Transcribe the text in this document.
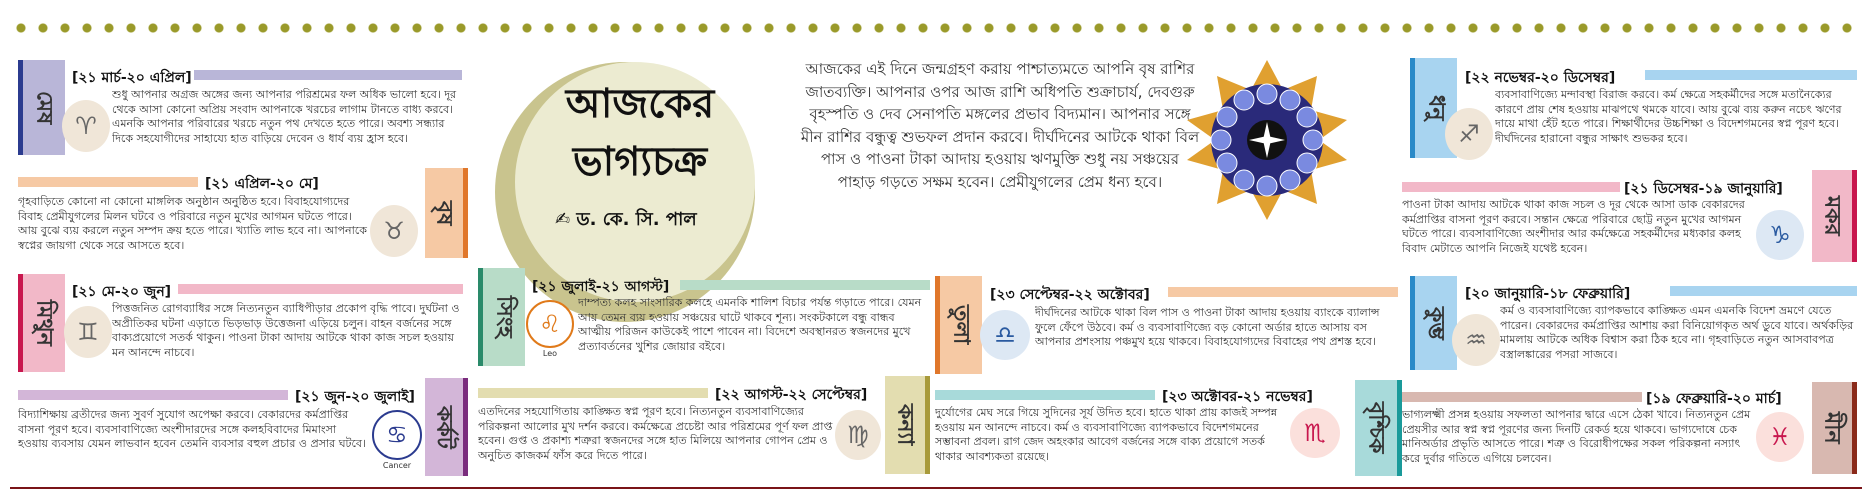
আজকের ভাগ্যচক্র
✍ ড. কে. সি. পাল
আজকের এই দিনে জন্মগ্রহণ করায় পাশ্চাত্যমতে আপনি বৃষ রাশির জাতব্যক্তি। আপনার ওপর আজ রাশি অধিপতি শুক্রাচার্য, দেবগুরু বৃহস্পতি ও দেব সেনাপতি মঙ্গলের প্রভাব বিদ্যমান। আপনার সঙ্গে মীন রাশির বন্ধুত্ব শুভফল প্রদান করবে। দীর্ঘদিনের আটকে থাকা বিল পাস ও পাওনা টাকা আদায় হওয়ায় ঋণমুক্তি শুধু নয় সঞ্চয়ের পাহাড় গড়তে সক্ষম হবেন। প্রেমীযুগলের প্রেম ধন্য হবে।
মেষ
[২১ মার্চ-২০ এপ্রিল]
♈
শুধু আপনার অগ্রজ অঙ্গের জন্য আপনার পরিশ্রমের ফল অধিক ভালো হবে। দূর থেকে আসা কোনো অপ্রিয় সংবাদ আপনাকে খরচের লাগাম টানতে বাধ্য করবে। এমনকি আপনার পরিবারের খরচে নতুন পথ দেখতে হতে পারে। অবশ্য সন্ধ্যার দিকে সহযোগীদের সাহায্যে হাত বাড়িয়ে দেবেন ও ধার্য ব্যয় হ্রাস হবে।
[২১ এপ্রিল-২০ মে]
বৃষ
♉
গৃহবাড়িতে কোনো না কোনো মাঙ্গলিক অনুষ্ঠান অনুষ্ঠিত হবে। বিবাহযোগ্যদের বিবাহ প্রেমীযুগলের মিলন ঘটবে ও পরিবারে নতুন মুখের আগমন ঘটতে পারে। আয় বুঝে ব্যয় করলে নতুন সম্পদ ক্রয় হতে পারে। খ্যাতি লাভ হবে না। আপনাকে স্বপ্নের জায়গা থেকে সরে আসতে হবে।
মিথুন
[২১ মে-২০ জুন]
♊
পিত্তজনিত রোগব্যাধির সঙ্গে নিত্যনতুন ব্যাধিপীড়ার প্রকোপ বৃদ্ধি পাবে। দুর্ঘটনা ও অপ্রীতিকর ঘটনা এড়াতে ভিড়ভাড় উত্তেজনা এড়িয়ে চলুন। বাহন বর্জনের সঙ্গে বাক্যপ্রয়োগে সতর্ক থাকুন। পাওনা টাকা আদায় আটকে থাকা কাজ সচল হওয়ায় মন আনন্দে নাচবে।
[২১ জুন-২০ জুলাই]
কর্কট
♋
Cancer
বিদ্যাশিক্ষায় ব্রতীদের জন্য সুবর্ণ সুযোগ অপেক্ষা করবে। বেকারদের কর্মপ্রাপ্তির বাসনা পূরণ হবে। ব্যবসাবাণিজ্যে অংশীদারদের সঙ্গে কলহবিবাদের মিমাংসা হওয়ায় ব্যবসায় যেমন লাভবান হবেন তেমনি ব্যবসার বহুল প্রচার ও প্রসার ঘটবে।
সিংহ
[২১ জুলাই-২১ আগস্ট]
♌
Leo
দাম্পত্য কলহ সাংসারিক কলহে এমনকি শালিশ বিচার পর্যন্ত গড়াতে পারে। যেমন আয় তেমন ব্যয় হওয়ায় সঞ্চয়ের ঘাটে থাকবে শূন্য। সংকটকালে বন্ধু বান্ধব আত্মীয় পরিজন কাউকেই পাশে পাবেন না। বিদেশে অবস্থানরত স্বজনদের মুখে প্রত্যাবর্তনের খুশির জোয়ার বইবে।
[২২ আগস্ট-২২ সেপ্টেম্বর]
কন্যা
♍
এতদিনের সহযোগিতায় কাঙ্ক্ষিত স্বপ্ন পূরণ হবে। নিত্যনতুন ব্যবসাবাণিজ্যের পরিকল্পনা আলোর মুখ দর্শন করবে। কর্মক্ষেত্রে প্রচেষ্টা আর পরিশ্রমের পূর্ণ ফল প্রাপ্ত হবেন। গুপ্ত ও প্রকাশ্য শত্রুরা স্বজনদের সঙ্গে হাত মিলিয়ে আপনার গোপন প্রেম ও অনুচিত কাজকর্ম ফাঁস করে দিতে পারে।
তুলা
[২৩ সেপ্টেম্বর-২২ অক্টোবর]
♎
দীর্ঘদিনের আটকে থাকা বিল পাস ও পাওনা টাকা আদায় হওয়ায় ব্যাংকে ব্যালান্স ফুলে ফেঁপে উঠবে। কর্ম ও ব্যবসাবাণিজ্যে বড় কোনো অর্ডার হাতে আসায় বস আপনার প্রশংসায় পঞ্চমুখ হয়ে থাকবে। বিবাহযোগ্যদের বিবাহের পথ প্রশস্ত হবে।
[২৩ অক্টোবর-২১ নভেম্বর]
বৃশ্চিক
♏
দুর্যোগের মেঘ সরে গিয়ে সুদিনের সূর্য উদিত হবে। হাতে থাকা প্রায় কাজই সম্পন্ন হওয়ায় মন আনন্দে নাচবে। কর্ম ও ব্যবসাবাণিজ্যে ব্যাপকভাবে বিদেশগমনের সম্ভাবনা প্রবল। রাগ জেদ অহংকার আবেগ বর্জনের সঙ্গে বাক্য প্রয়োগে সতর্ক থাকার আবশ্যকতা রয়েছে।
ধনু
[২২ নভেম্বর-২০ ডিসেম্বর]
♐
ব্যবসাবাণিজ্যে মন্দাবস্থা বিরাজ করবে। কর্ম ক্ষেত্রে সহকর্মীদের সঙ্গে মতানৈক্যের কারণে প্রায় শেষ হওয়ায় মাঝপথে থমকে যাবে। আয় বুঝে ব্যয় করুন নচেৎ ঋণের দায়ে মাথা হেঁট হতে পারে। শিক্ষার্থীদের উচ্চশিক্ষা ও বিদেশগমনের স্বপ্ন পূরণ হবে। দীর্ঘদিনের হারানো বন্ধুর সাক্ষাৎ শুভকর হবে।
[২১ ডিসেম্বর-১৯ জানুয়ারি]
মকর
♑
পাওনা টাকা আদায় আটকে থাকা কাজ সচল ও দূর থেকে আসা ডাক বেকারদের কর্মপ্রাপ্তির বাসনা পূরণ করবে। সন্তান ক্ষেত্রে পরিবারে ছোট্ট নতুন মুখের আগমন ঘটতে পারে। ব্যবসাবাণিজ্যে অংশীদার আর কর্মক্ষেত্রে সহকর্মীদের মধ্যকার কলহ বিবাদ মেটাতে আপনি নিজেই যথেষ্ট হবেন।
কুম্ভ
[২০ জানুয়ারি-১৮ ফেব্রুয়ারি]
♒
কর্ম ও ব্যবসাবাণিজ্যে ব্যাপকভাবে কাঙ্ক্ষিত এমন এমনকি বিদেশ ভ্রমণে যেতে পারেন। বেকারদের কর্মপ্রাপ্তির আশায় করা বিনিয়োগকৃত অর্থ ডুবে যাবে। অর্থকড়ির মামলায় আটকে অধিক বিশ্বাস করা ঠিক হবে না। গৃহবাড়িতে নতুন আসবাবপত্র বস্ত্রালঙ্কারের পসরা সাজবে।
[১৯ ফেব্রুয়ারি-২০ মার্চ]
মীন
♓
ভাগ্যলক্ষ্মী প্রসন্ন হওয়ায় সফলতা আপনার দ্বারে এসে ঠেকা খাবে। নিত্যনতুন প্রেম প্রেয়সীর আর স্বপ্ন স্বপ্ন পূরণের জন্য দিনটি রেকর্ড হয়ে থাকবে। ভাগ্যদোষে চেক মানিঅর্ডার প্রভৃতি আসতে পারে। শত্রু ও বিরোধীপক্ষের সকল পরিকল্পনা নস্যাৎ করে দুর্বার গতিতে এগিয়ে চলবেন।
